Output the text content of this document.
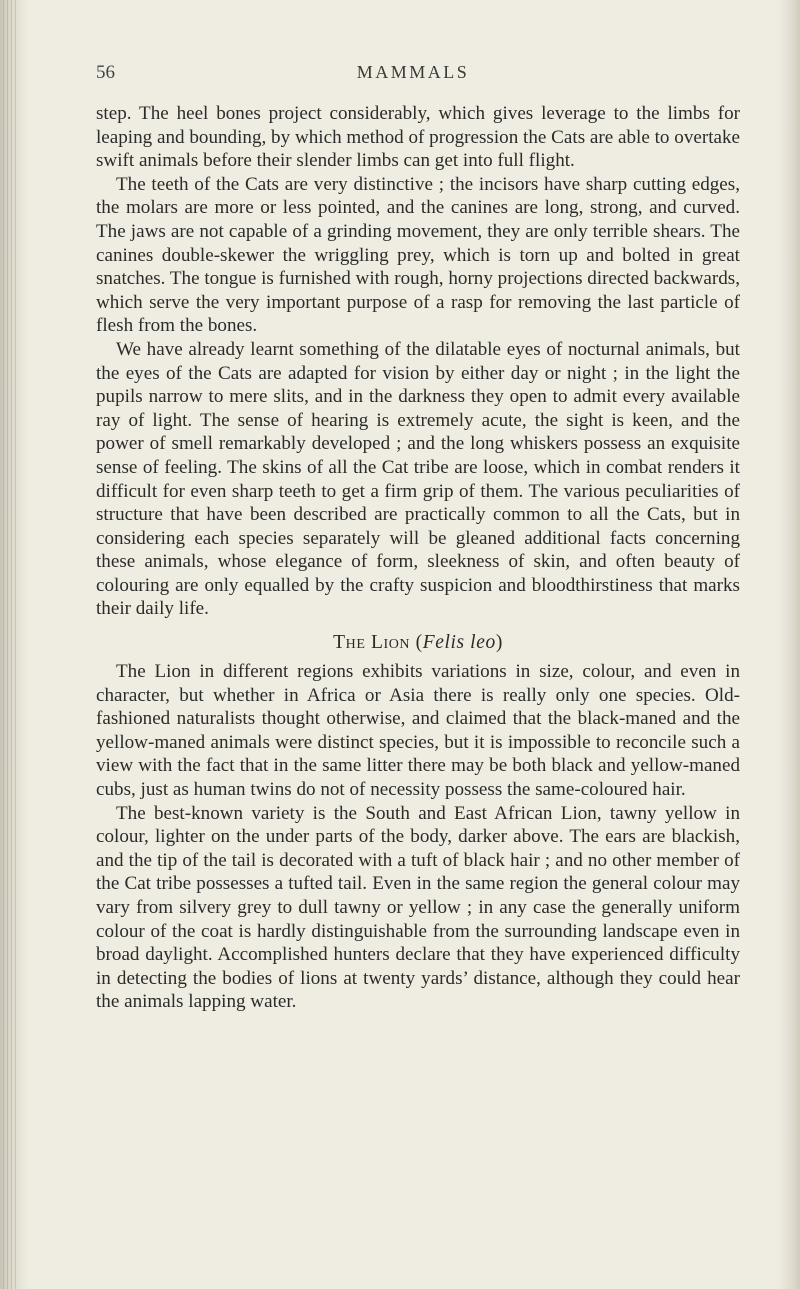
56	MAMMALS

step. The heel bones project considerably, which gives leverage to the limbs for leaping and bounding, by which method of progression the Cats are able to overtake swift animals before their slender limbs can get into full flight.

The teeth of the Cats are very distinctive ; the incisors have sharp cutting edges, the molars are more or less pointed, and the canines are long, strong, and curved. The jaws are not capable of a grinding movement, they are only terrible shears. The canines double-skewer the wriggling prey, which is torn up and bolted in great snatches. The tongue is furnished with rough, horny projections directed backwards, which serve the very important purpose of a rasp for removing the last particle of flesh from the bones.

We have already learnt something of the dilatable eyes of nocturnal animals, but the eyes of the Cats are adapted for vision by either day or night ; in the light the pupils narrow to mere slits, and in the darkness they open to admit every available ray of light. The sense of hearing is extremely acute, the sight is keen, and the power of smell remarkably developed ; and the long whiskers possess an exquisite sense of feeling. The skins of all the Cat tribe are loose, which in combat renders it difficult for even sharp teeth to get a firm grip of them. The various peculiarities of structure that have been described are practically common to all the Cats, but in considering each species separately will be gleaned additional facts concerning these animals, whose elegance of form, sleekness of skin, and often beauty of colouring are only equalled by the crafty suspicion and bloodthirstiness that marks their daily life.

The Lion (Felis leo)

The Lion in different regions exhibits variations in size, colour, and even in character, but whether in Africa or Asia there is really only one species. Old-fashioned naturalists thought otherwise, and claimed that the black-maned and the yellow-maned animals were distinct species, but it is impossible to reconcile such a view with the fact that in the same litter there may be both black and yellow-maned cubs, just as human twins do not of necessity possess the same-coloured hair.

The best-known variety is the South and East African Lion, tawny yellow in colour, lighter on the under parts of the body, darker above. The ears are blackish, and the tip of the tail is decorated with a tuft of black hair ; and no other member of the Cat tribe possesses a tufted tail. Even in the same region the general colour may vary from silvery grey to dull tawny or yellow ; in any case the generally uniform colour of the coat is hardly distinguishable from the surrounding landscape even in broad daylight. Accomplished hunters declare that they have experienced difficulty in detecting the bodies of lions at twenty yards’ distance, although they could hear the animals lapping water.
